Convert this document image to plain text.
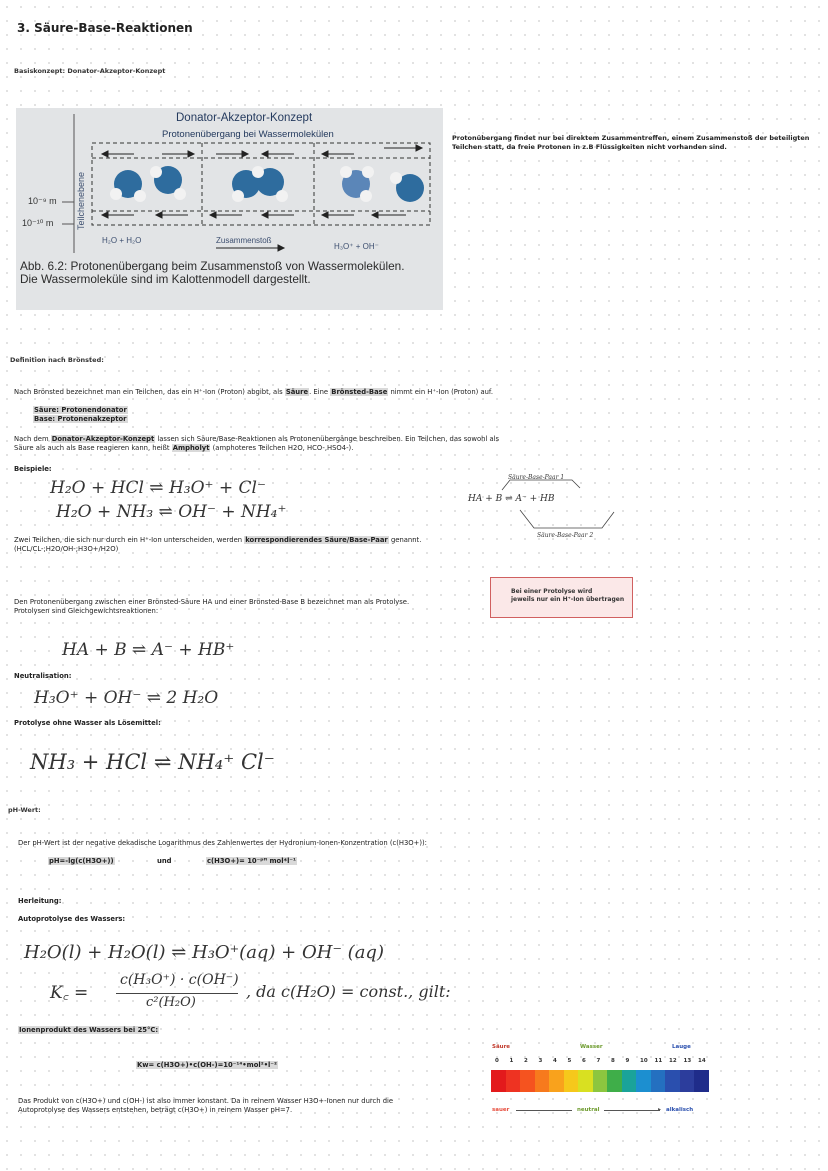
3. Säure-Base-Reaktionen
Basiskonzept: Donator-Akzeptor-Konzept
Donator-Akzeptor-Konzept
Protonenübergang bei Wassermolekülen
Teilchenebene
10⁻⁹ m
10⁻¹⁰ m
H₂O + H₂O	Zusammenstoß
H₃O⁺ + OH⁻
Abb. 6.2: Protonenübergang beim Zusammenstoß von Wassermolekülen.
Die Wassermoleküle sind im Kalottenmodell dargestellt.
Protonübergang findet nur bei direktem Zusammentreffen, einem Zusammenstoß der beteiligten
Teilchen statt, da freie Protonen in z.B Flüssigkeiten nicht vorhanden sind.
Definition nach Brönsted:
Nach Brönsted bezeichnet man ein Teilchen, das ein H⁺-Ion (Proton) abgibt, als Säure. Eine Brönsted-Base nimmt ein H⁺-Ion (Proton) auf.
Säure: Protonendonator
Base: Protonenakzeptor
Nach dem Donator-Akzeptor-Konzept lassen sich Säure/Base-Reaktionen als Protonenübergänge beschreiben. Ein Teilchen, das sowohl als
Säure als auch als Base reagieren kann, heißt Ampholyt (amphoteres Teilchen H2O, HCO-,HSO4-).
Beispiele:
H₂O + HCl ⇌ H₃O⁺ + Cl⁻
H₂O + NH₃ ⇌ OH⁻ + NH₄⁺
Zwei Teilchen, die sich nur durch ein H⁺-Ion unterscheiden, werden korrespondierendes Säure/Base-Paar genannt.
(HCL/CL-;H2O/OH-;H3O+/H2O)
Säure-Base-Paar 1
HA + B ⇌ A⁻ + HB
Säure-Base-Paar 2
Bei einer Protolyse wird
jeweils nur ein H⁺-Ion übertragen
Den Protonenübergang zwischen einer Brönsted-Säure HA und einer Brönsted-Base B bezeichnet man als Protolyse.
Protolysen sind Gleichgewichtsreaktionen:
HA + B ⇌ A⁻ + HB⁺
Neutralisation:
H₃O⁺ + OH⁻ ⇌ 2 H₂O
Protolyse ohne Wasser als Lösemittel:
NH₃ + HCl ⇌ NH₄⁺ Cl⁻
pH-Wert:
Der pH-Wert ist der negative dekadische Logarithmus des Zahlenwertes der Hydronium-Ionen-Konzentration (c(H3O+)):
pH=-lg(c(H3O+))	und	c(H3O+)= 10⁻ᵖᴴ mol*l⁻¹
Herleitung:
Autoprotolyse des Wassers:
H₂O(l) + H₂O(l) ⇌ H₃O⁺(aq) + OH⁻ (aq)
K꜀ =
c(H₃O⁺) · c(OH⁻)
c²(H₂O)
, da c(H₂O) = const., gilt:
Ionenprodukt des Wassers bei 25°C:
Kw= c(H3O+)•c(OH-)=10⁻¹⁴•mol²•l⁻²
Das Produkt von c(H3O+) und c(OH-) ist also immer konstant. Da in reinem Wasser H3O+-Ionen nur durch die
Autoprotolyse des Wassers entstehen, beträgt c(H3O+) in reinem Wasser pH=7.
Säure	Wasser	Lauge
0 1 2 3 4 5 6 7 8 9 10 11 12 13 14
sauer	neutral	▸ alkalisch
